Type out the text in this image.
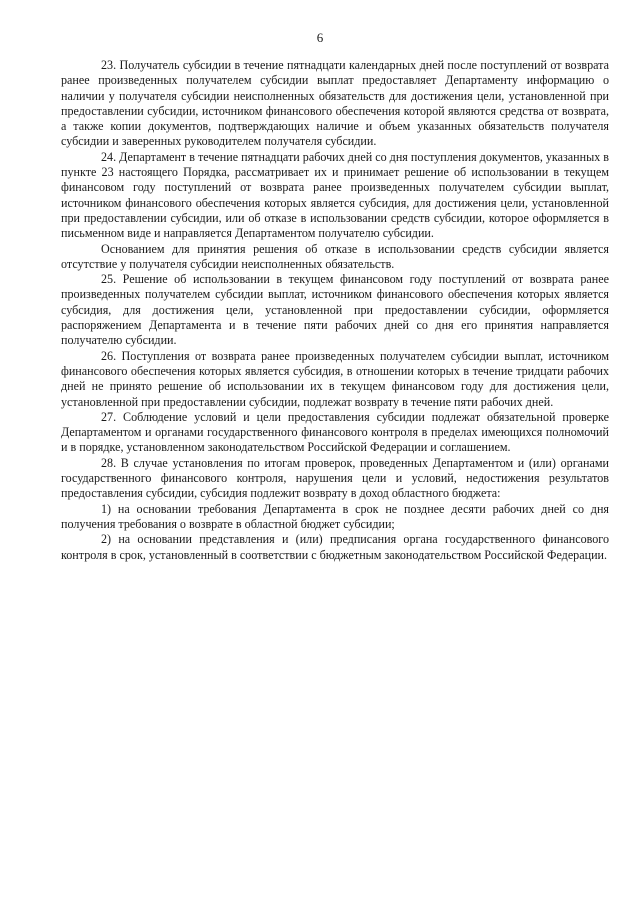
6

23. Получатель субсидии в течение пятнадцати календарных дней после поступлений от возврата ранее произведенных получателем субсидии выплат предоставляет Департаменту информацию о наличии у получателя субсидии неисполненных обязательств для достижения цели, установленной при предоставлении субсидии, источником финансового обеспечения которой являются средства от возврата, а также копии документов, подтверждающих наличие и объем указанных обязательств получателя субсидии и заверенных руководителем получателя субсидии.

24. Департамент в течение пятнадцати рабочих дней со дня поступления документов, указанных в пункте 23 настоящего Порядка, рассматривает их и принимает решение об использовании в текущем финансовом году поступлений от возврата ранее произведенных получателем субсидии выплат, источником финансового обеспечения которых является субсидия, для достижения цели, установленной при предоставлении субсидии, или об отказе в использовании средств субсидии, которое оформляется в письменном виде и направляется Департаментом получателю субсидии.

Основанием для принятия решения об отказе в использовании средств субсидии является отсутствие у получателя субсидии неисполненных обязательств.

25. Решение об использовании в текущем финансовом году поступлений от возврата ранее произведенных получателем субсидии выплат, источником финансового обеспечения которых является субсидия, для достижения цели, установленной при предоставлении субсидии, оформляется распоряжением Департамента и в течение пяти рабочих дней со дня его принятия направляется получателю субсидии.

26. Поступления от возврата ранее произведенных получателем субсидии выплат, источником финансового обеспечения которых является субсидия, в отношении которых в течение тридцати рабочих дней не принято решение об использовании их в текущем финансовом году для достижения цели, установленной при предоставлении субсидии, подлежат возврату в течение пяти рабочих дней.

27. Соблюдение условий и цели предоставления субсидии подлежат обязательной проверке Департаментом и органами государственного финансового контроля в пределах имеющихся полномочий и в порядке, установленном законодательством Российской Федерации и соглашением.

28. В случае установления по итогам проверок, проведенных Департаментом и (или) органами государственного финансового контроля, нарушения цели и условий, недостижения результатов предоставления субсидии, субсидия подлежит возврату в доход областного бюджета:

1) на основании требования Департамента в срок не позднее десяти рабочих дней со дня получения требования о возврате в областной бюджет субсидии;

2) на основании представления и (или) предписания органа государственного финансового контроля в срок, установленный в соответствии с бюджетным законодательством Российской Федерации.
